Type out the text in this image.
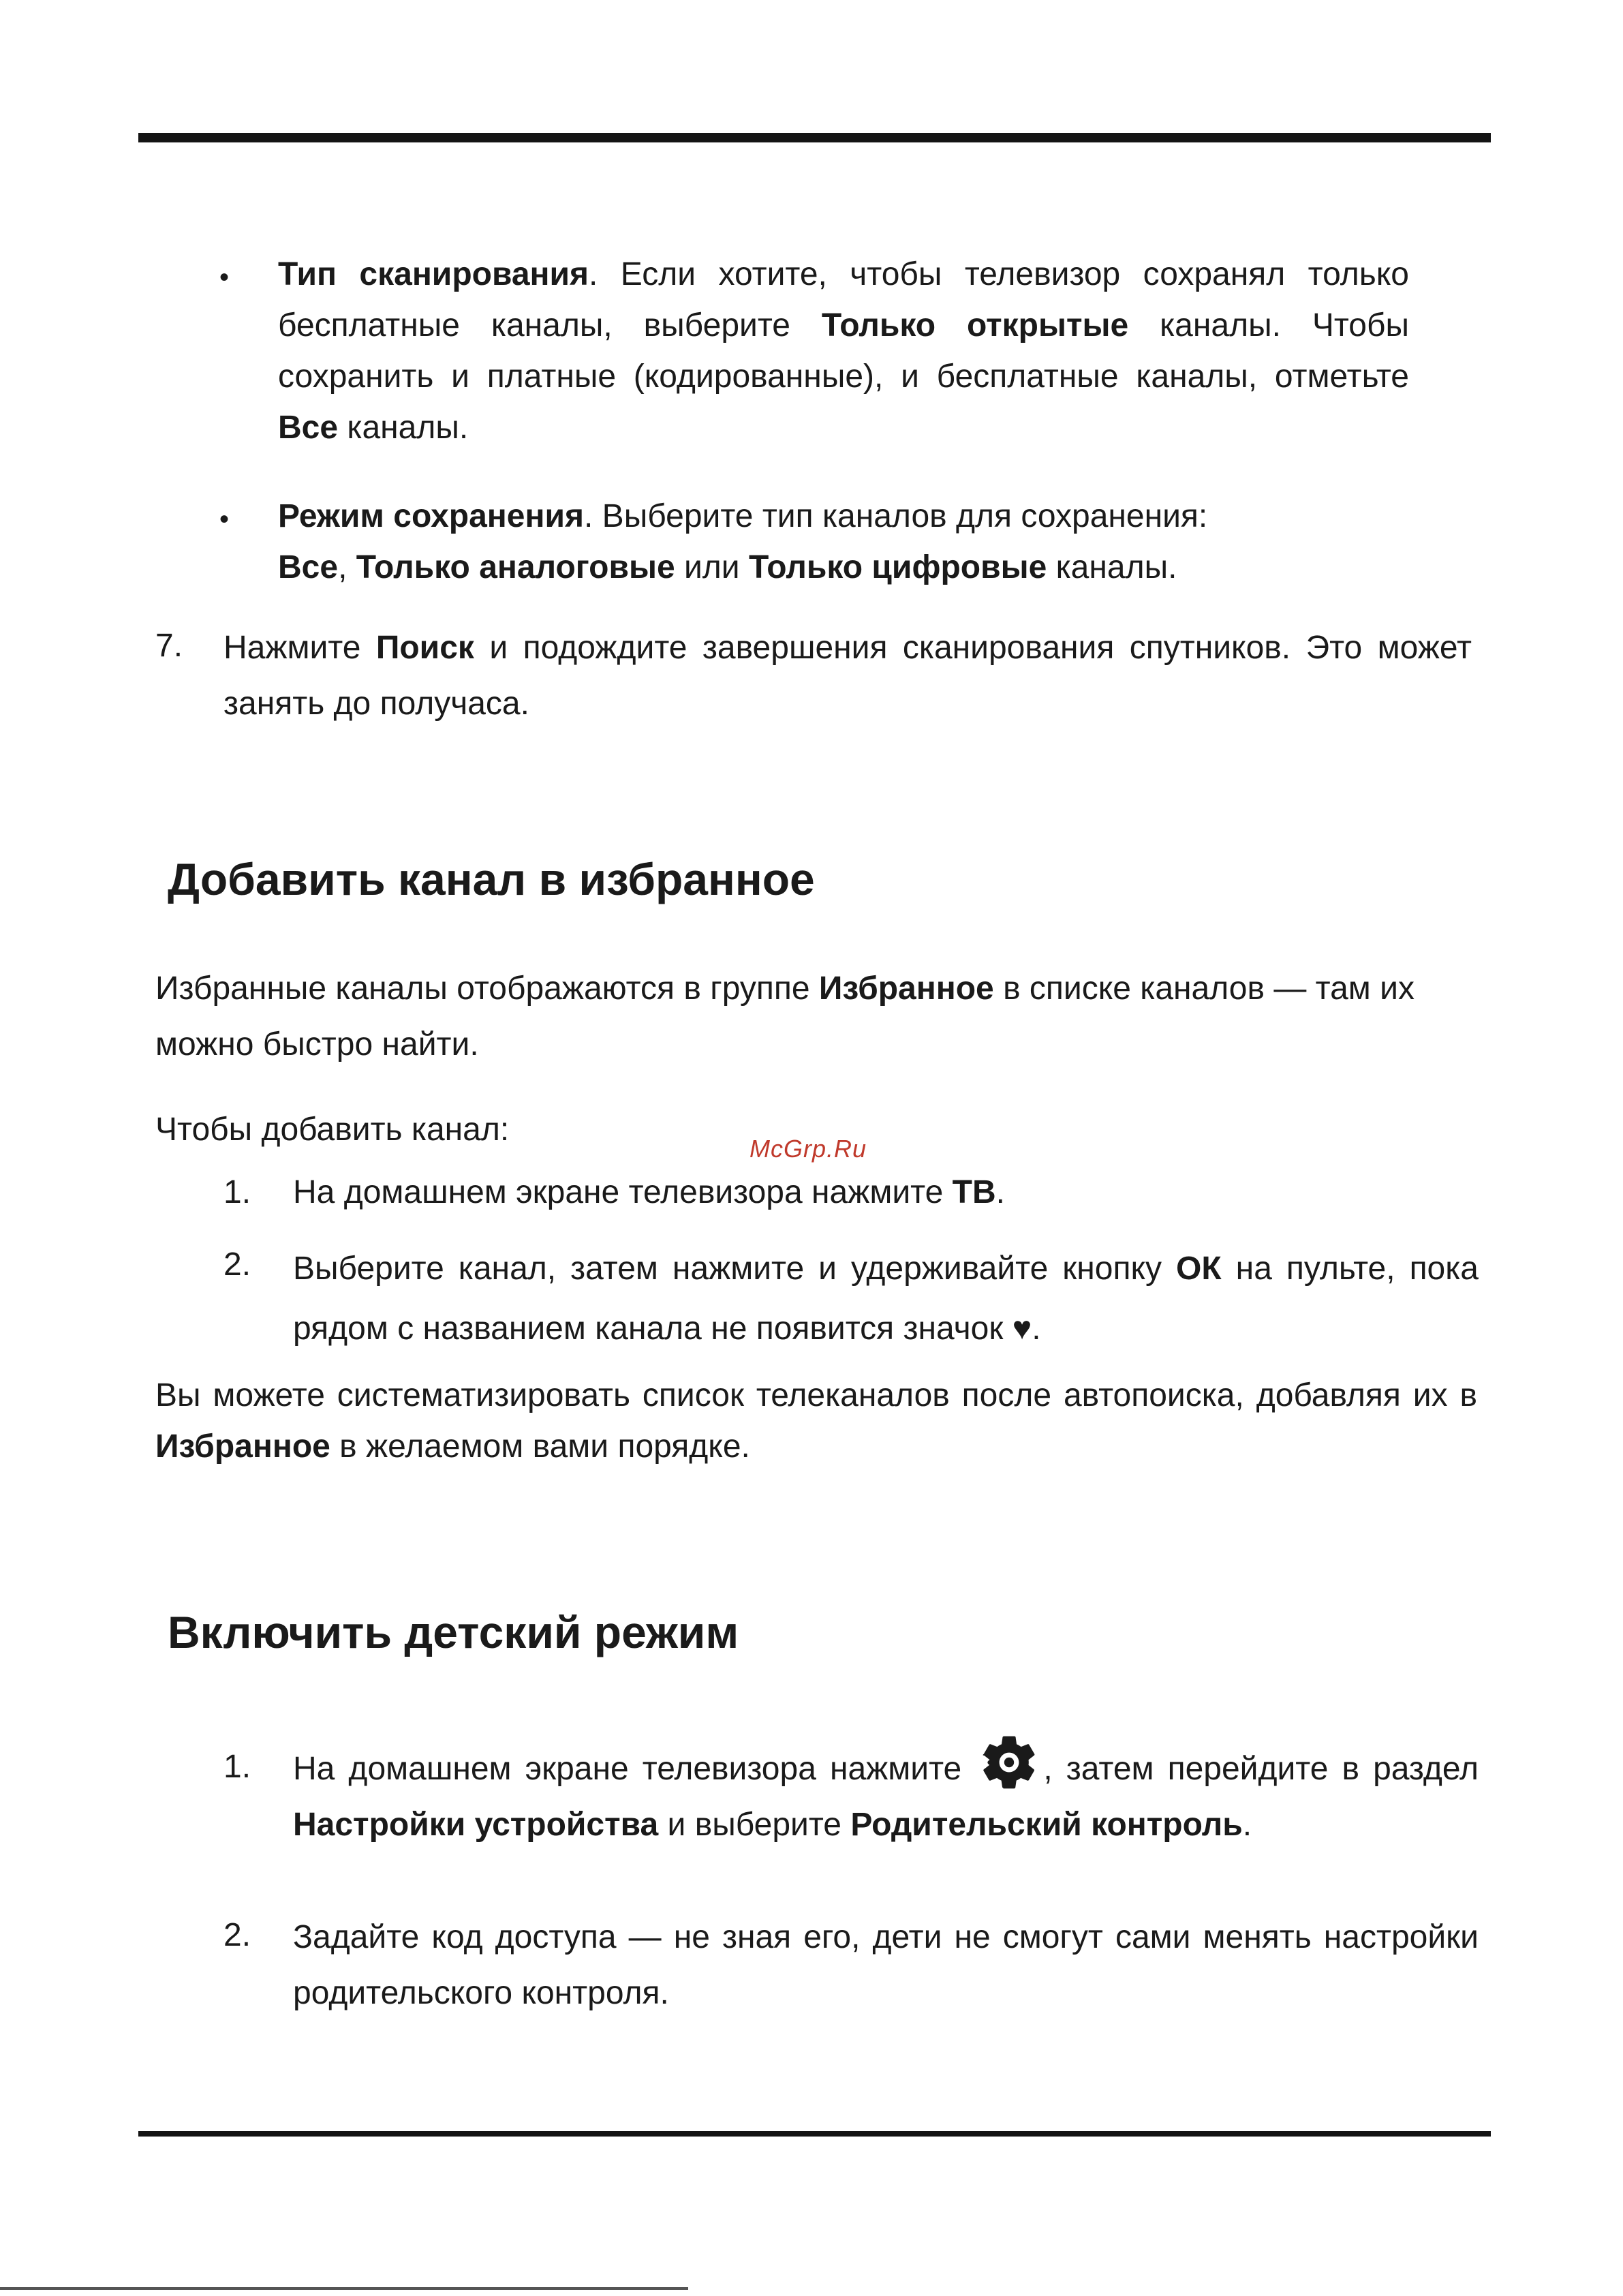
• Тип сканирования. Если хотите, чтобы телевизор сохранял только бесплатные каналы, выберите Только открытые каналы. Чтобы сохранить и платные (кодированные), и бесплатные каналы, отметьте Все каналы.
• Режим сохранения. Выберите тип каналов для сохранения:
Все, Только аналоговые или Только цифровые каналы.
7. Нажмите Поиск и подождите завершения сканирования спутников. Это может занять до получаса.
Добавить канал в избранное
Избранные каналы отображаются в группе Избранное в списке каналов — там их можно быстро найти.
Чтобы добавить канал:
McGrp.Ru
1. На домашнем экране телевизора нажмите ТВ.
2. Выберите канал, затем нажмите и удерживайте кнопку ОК на пульте, пока рядом с названием канала не появится значок ♥.
Вы можете систематизировать список телеканалов после автопоиска, добавляя их в Избранное в желаемом вами порядке.
Включить детский режим
1. На домашнем экране телевизора нажмите , затем перейдите в раздел Настройки устройства и выберите Родительский контроль.
2. Задайте код доступа — не зная его, дети не смогут сами менять настройки родительского контроля.
